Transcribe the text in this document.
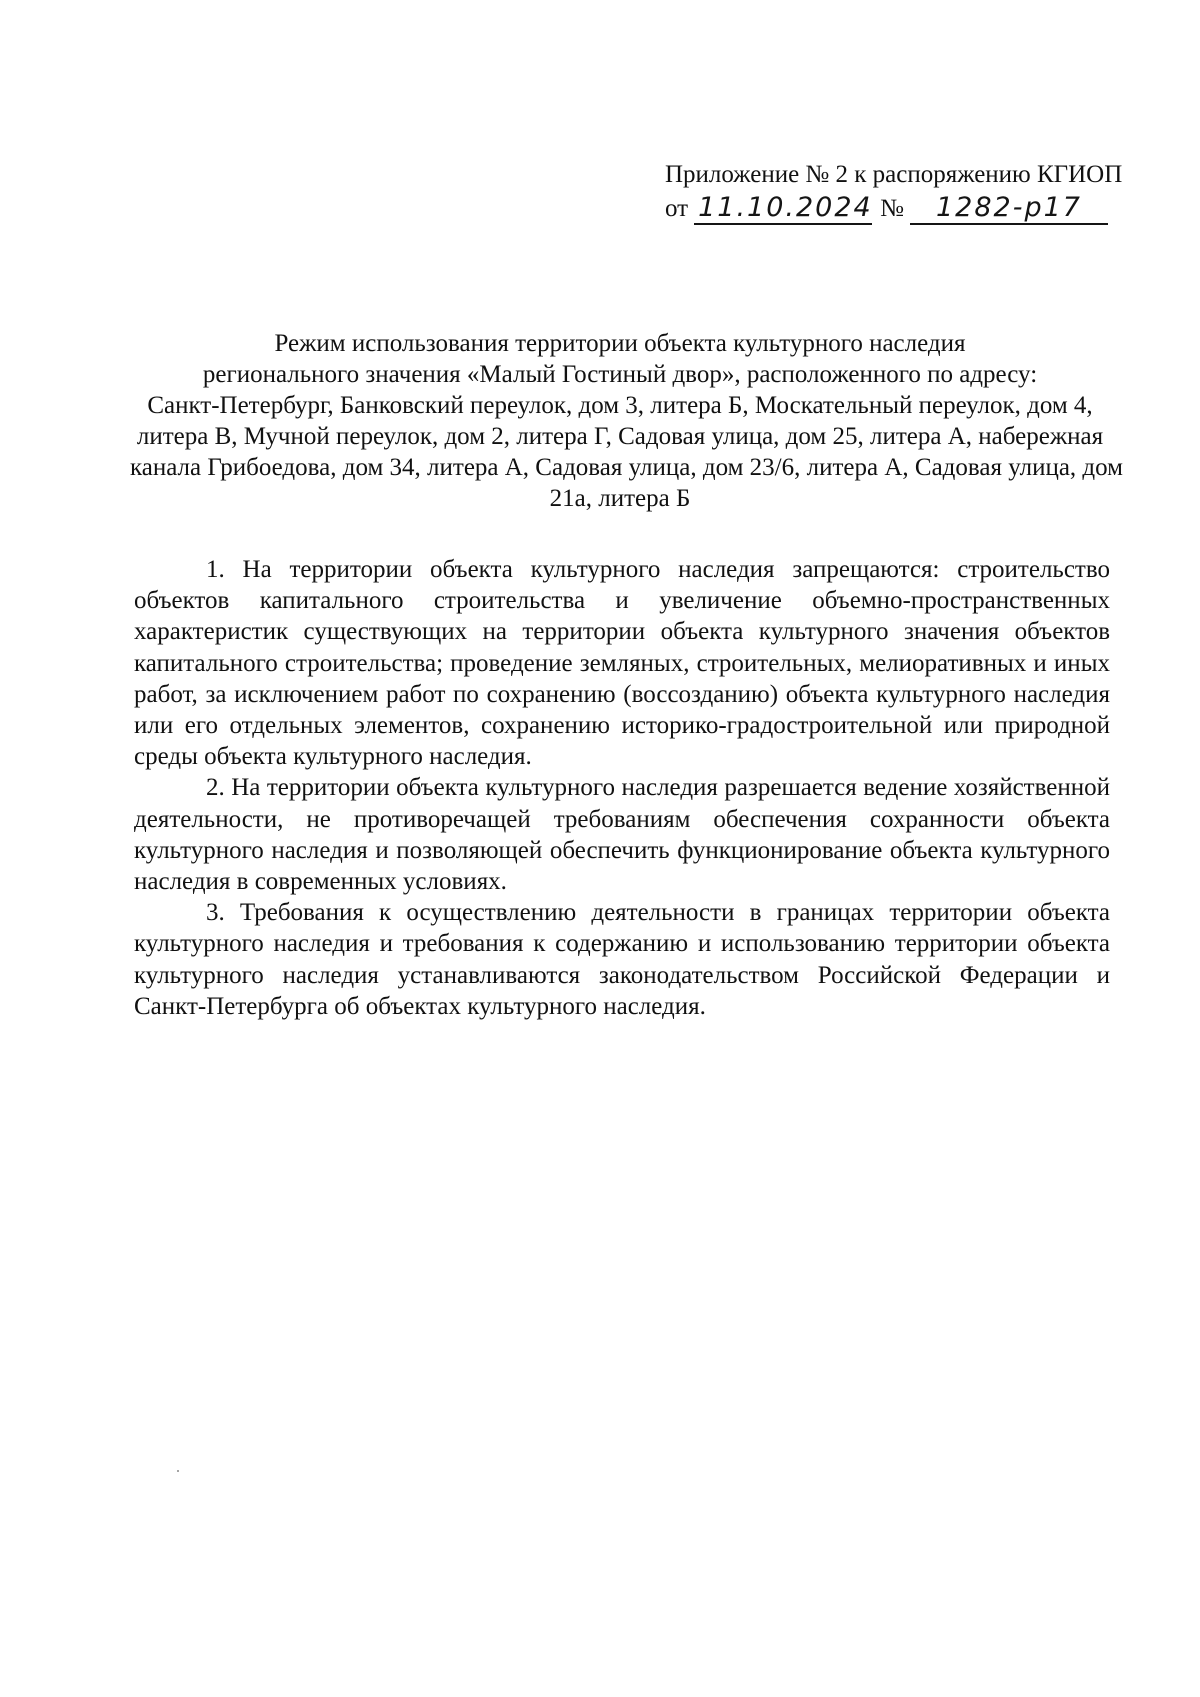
Приложение № 2 к распоряжению КГИОП
от 11.10.2024 № 1282-р17
Режим использования территории объекта культурного наследия
регионального значения «Малый Гостиный двор», расположенного по адресу:
Санкт-Петербург, Банковский переулок, дом 3, литера Б, Москательный переулок, дом 4,
литера В, Мучной переулок, дом 2, литера Г, Садовая улица, дом 25, литера А, набережная
канала Грибоедова, дом 34, литера А, Садовая улица, дом 23/6, литера А, Садовая улица, дом
21а, литера Б

1. На территории объекта культурного наследия запрещаются: строительство объектов капитального строительства и увеличение объемно-пространственных характеристик существующих на территории объекта культурного значения объектов капитального строительства; проведение земляных, строительных, мелиоративных и иных работ, за исключением работ по сохранению (воссозданию) объекта культурного наследия или его отдельных элементов, сохранению историко-градостроительной или природной среды объекта культурного наследия.

2. На территории объекта культурного наследия разрешается ведение хозяйственной деятельности, не противоречащей требованиям обеспечения сохранности объекта культурного наследия и позволяющей обеспечить функционирование объекта культурного наследия в современных условиях.

3. Требования к осуществлению деятельности в границах территории объекта культурного наследия и требования к содержанию и использованию территории объекта культурного наследия устанавливаются законодательством Российской Федерации и Санкт-Петербурга об объектах культурного наследия.
